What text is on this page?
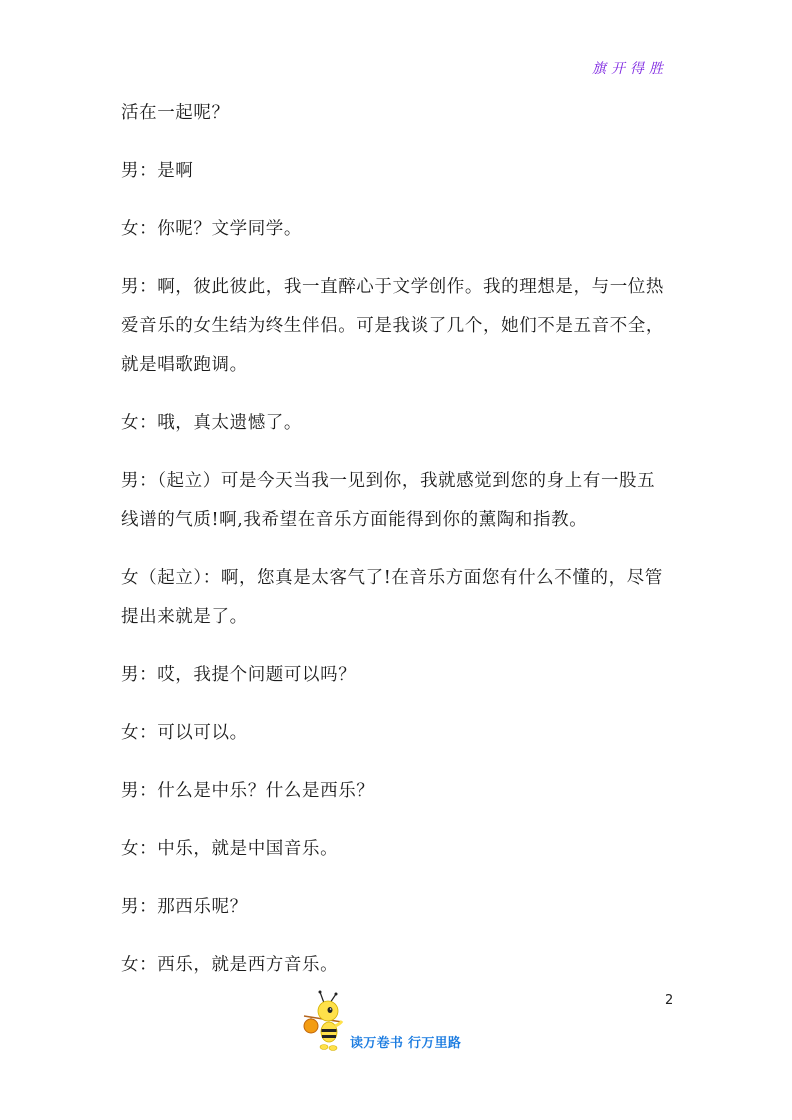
旗开得胜

活在一起呢？

男：是啊

女：你呢？文学同学。

男：啊，彼此彼此，我一直醉心于文学创作。我的理想是，与一位热爱音乐的女生结为终生伴侣。可是我谈了几个，她们不是五音不全，就是唱歌跑调。

女：哦，真太遗憾了。

男：（起立）可是今天当我一见到你，我就感觉到您的身上有一股五线谱的气质!啊,我希望在音乐方面能得到你的薰陶和指教。

女（起立）：啊，您真是太客气了!在音乐方面您有什么不懂的，尽管提出来就是了。

男：哎，我提个问题可以吗？

女：可以可以。

男：什么是中乐？什么是西乐？

女：中乐，就是中国音乐。

男：那西乐呢？

女：西乐，就是西方音乐。

2
读万卷书 行万里路
